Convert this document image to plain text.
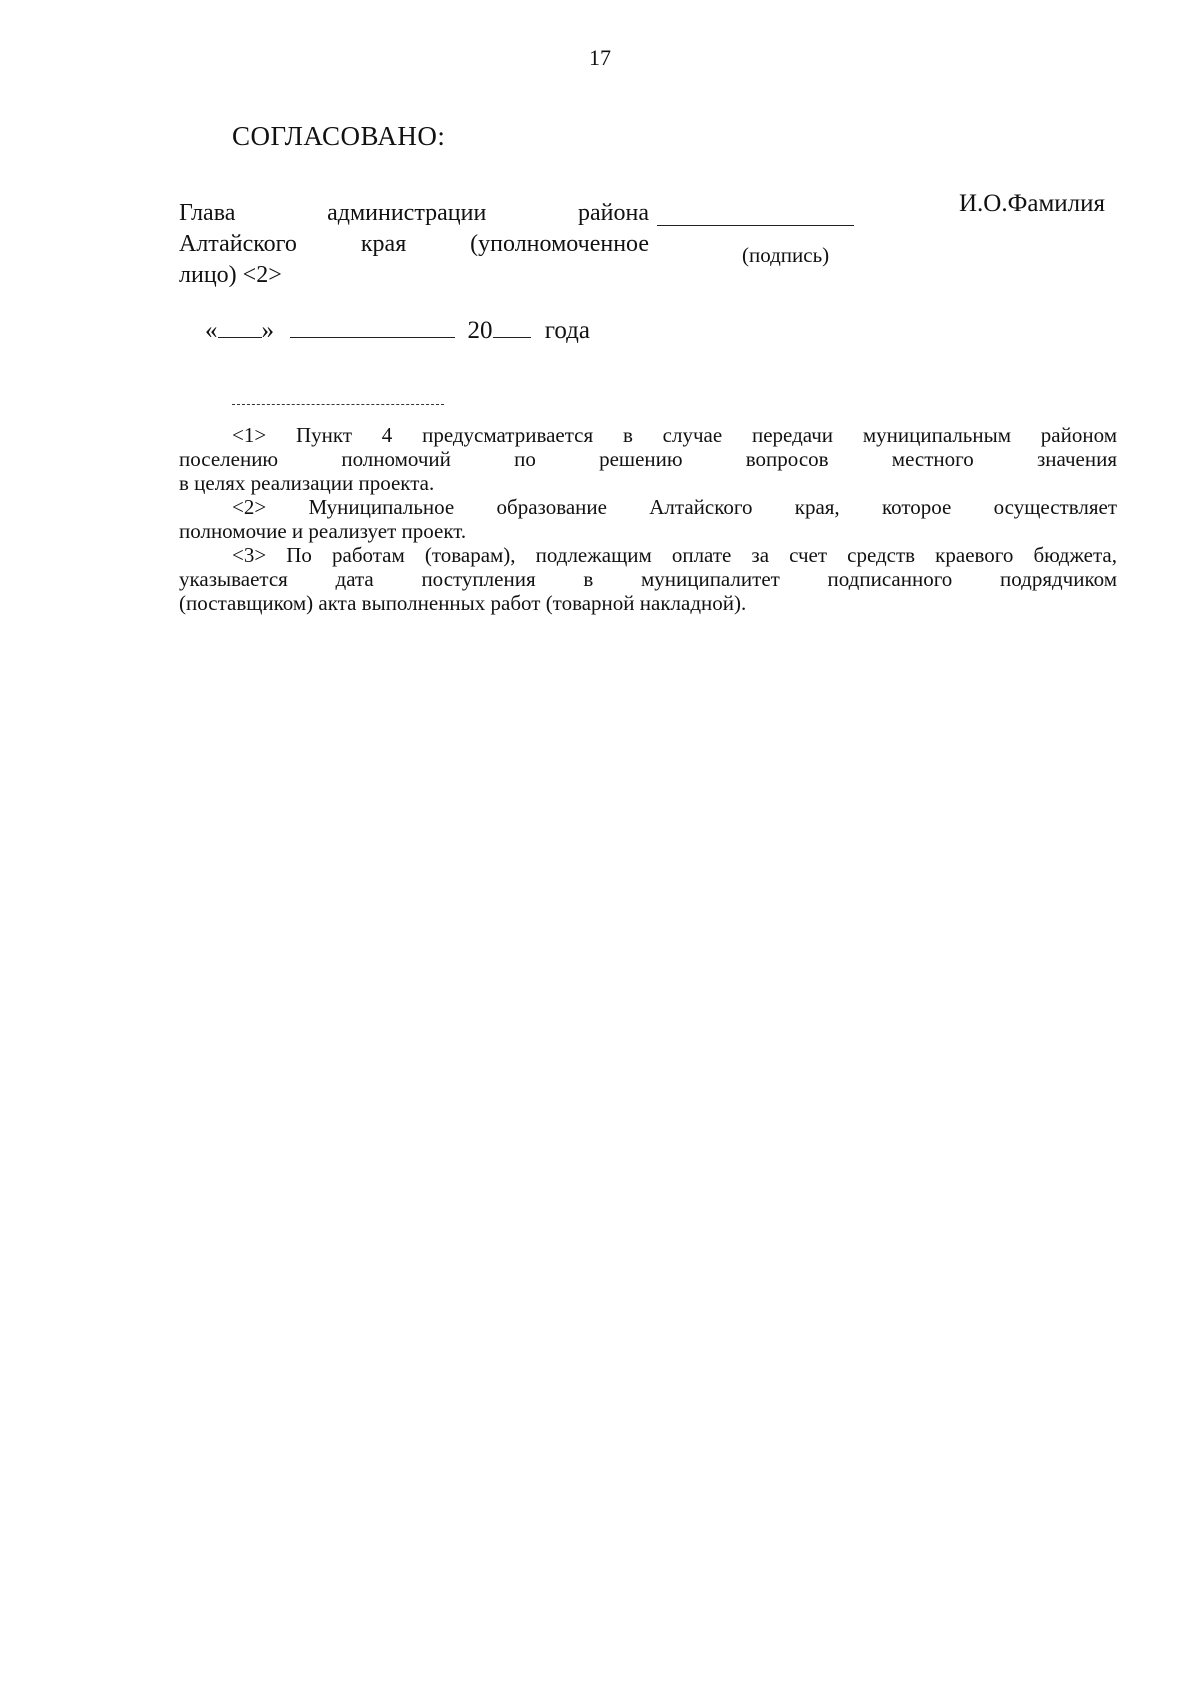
17
СОГЛАСОВАНО:
Глава администрации района
Алтайского края (уполномоченное
лицо) <2>
(подпись)
И.О.Фамилия
« »	20 года
<1> Пункт 4 предусматривается в случае передачи муниципальным районом
поселению полномочий по решению вопросов местного значения
в целях реализации проекта.
<2> Муниципальное образование Алтайского края, которое осуществляет
полномочие и реализует проект.
<3> По работам (товарам), подлежащим оплате за счет средств краевого бюджета,
указывается дата поступления в муниципалитет подписанного подрядчиком
(поставщиком) акта выполненных работ (товарной накладной).
